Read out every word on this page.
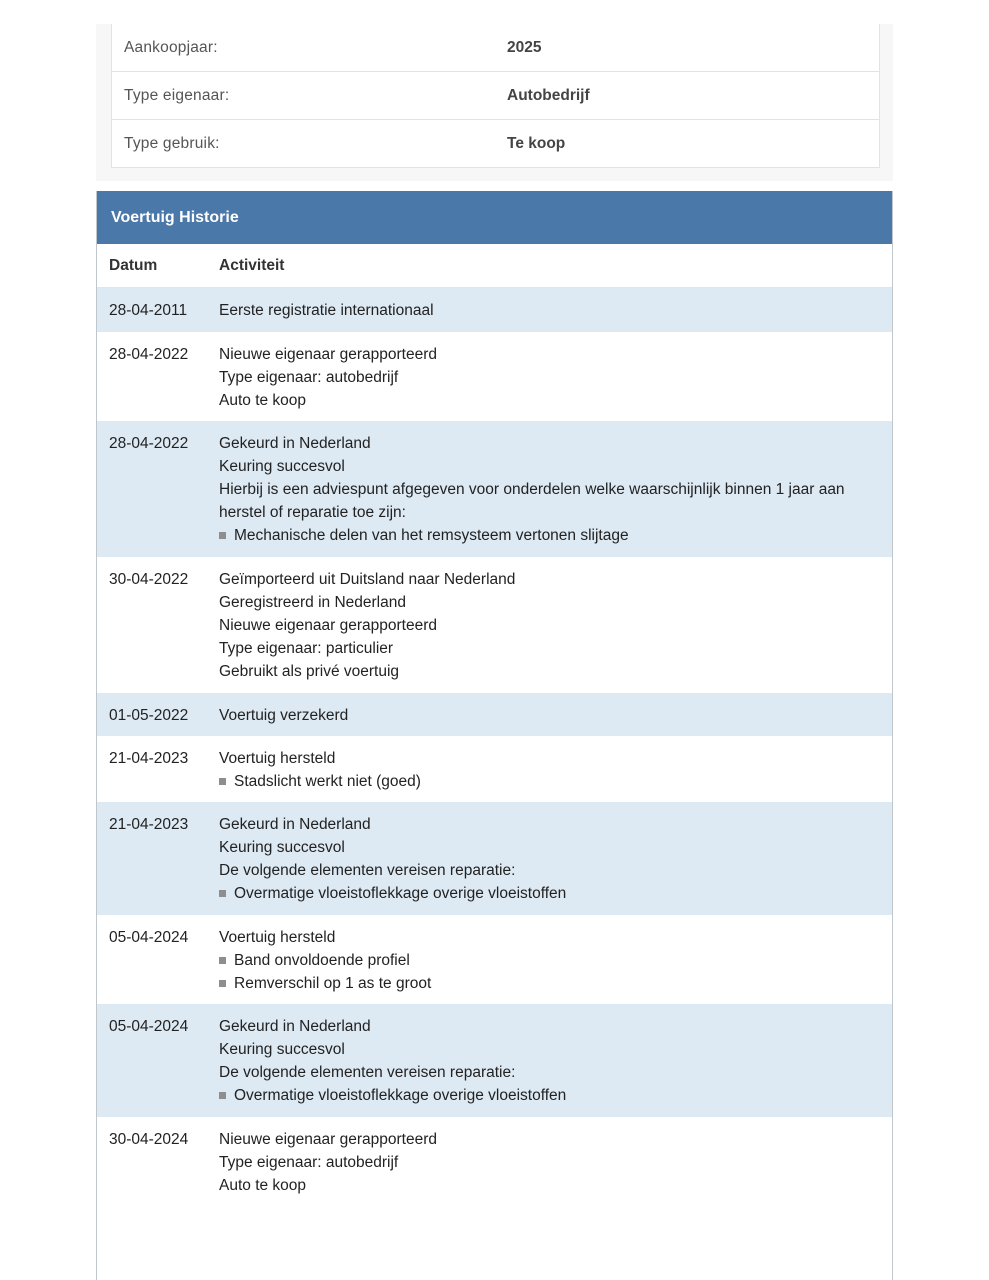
Aankoopjaar:	2025
Type eigenaar:	Autobedrijf
Type gebruik:	Te koop
Voertuig Historie
Datum	Activiteit
28-04-2011	Eerste registratie internationaal
28-04-2022	Nieuwe eigenaar gerapporteerd
Type eigenaar: autobedrijf
Auto te koop
28-04-2022	Gekeurd in Nederland
Keuring succesvol
Hierbij is een adviespunt afgegeven voor onderdelen welke waarschijnlijk binnen 1 jaar aan herstel of reparatie toe zijn:
Mechanische delen van het remsysteem vertonen slijtage
30-04-2022	Geïmporteerd uit Duitsland naar Nederland
Geregistreerd in Nederland
Nieuwe eigenaar gerapporteerd
Type eigenaar: particulier
Gebruikt als privé voertuig
01-05-2022	Voertuig verzekerd
21-04-2023	Voertuig hersteld
Stadslicht werkt niet (goed)
21-04-2023	Gekeurd in Nederland
Keuring succesvol
De volgende elementen vereisen reparatie:
Overmatige vloeistoflekkage overige vloeistoffen
05-04-2024	Voertuig hersteld
Band onvoldoende profiel
Remverschil op 1 as te groot
05-04-2024	Gekeurd in Nederland
Keuring succesvol
De volgende elementen vereisen reparatie:
Overmatige vloeistoflekkage overige vloeistoffen
30-04-2024	Nieuwe eigenaar gerapporteerd
Type eigenaar: autobedrijf
Auto te koop
